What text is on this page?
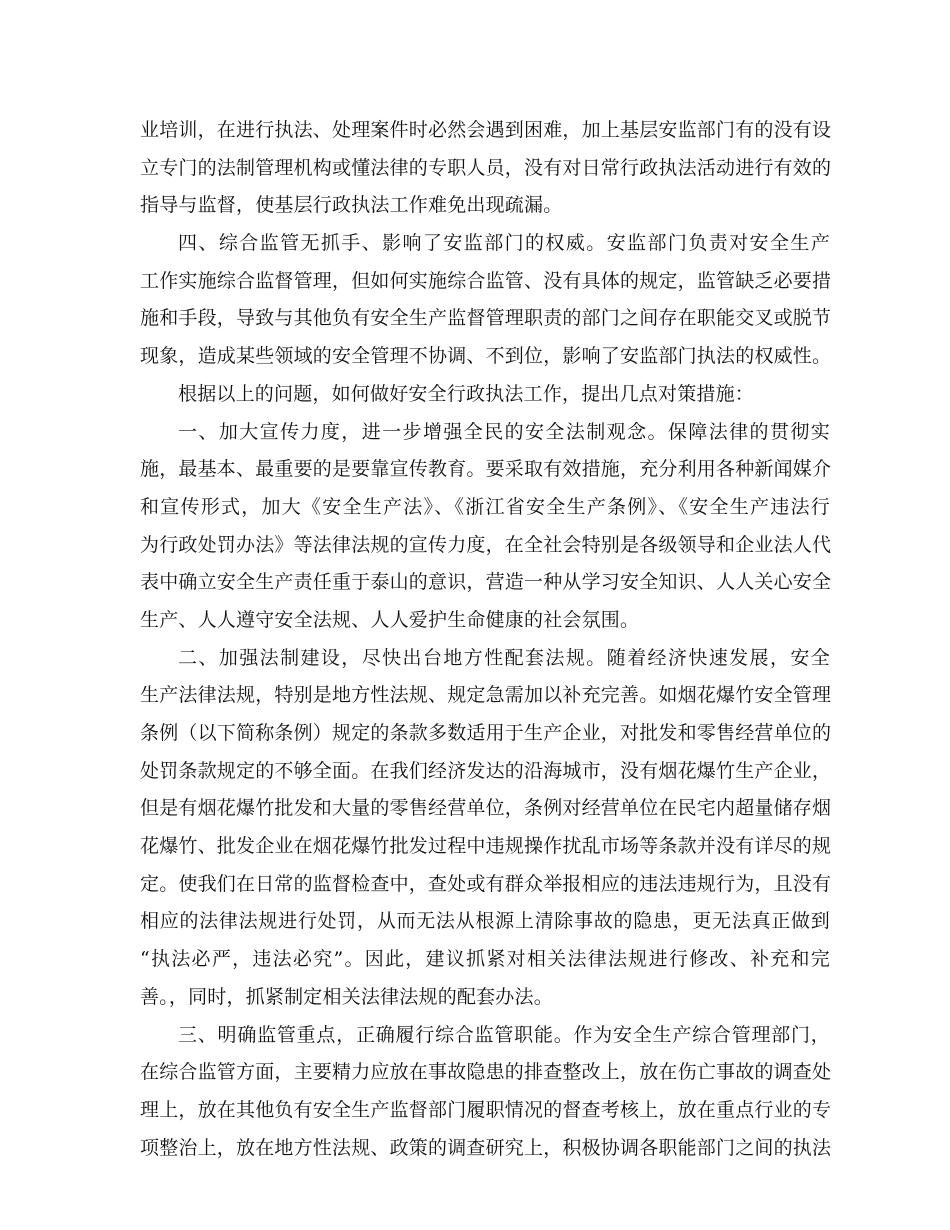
业培训，在进行执法、处理案件时必然会遇到困难，加上基层安监部门有的没有设
立专门的法制管理机构或懂法律的专职人员，没有对日常行政执法活动进行有效的
指导与监督，使基层行政执法工作难免出现疏漏。
四、综合监管无抓手、影响了安监部门的权威。安监部门负责对安全生产
工作实施综合监督管理，但如何实施综合监管、没有具体的规定，监管缺乏必要措
施和手段，导致与其他负有安全生产监督管理职责的部门之间存在职能交叉或脱节
现象，造成某些领域的安全管理不协调、不到位，影响了安监部门执法的权威性。
根据以上的问题，如何做好安全行政执法工作，提出几点对策措施：
一、加大宣传力度，进一步增强全民的安全法制观念。保障法律的贯彻实
施，最基本、最重要的是要靠宣传教育。要采取有效措施，充分利用各种新闻媒介
和宣传形式，加大《安全生产法》、《浙江省安全生产条例》、《安全生产违法行
为行政处罚办法》等法律法规的宣传力度，在全社会特别是各级领导和企业法人代
表中确立安全生产责任重于泰山的意识，营造一种从学习安全知识、人人关心安全
生产、人人遵守安全法规、人人爱护生命健康的社会氛围。
二、加强法制建设，尽快出台地方性配套法规。随着经济快速发展，安全
生产法律法规，特别是地方性法规、规定急需加以补充完善。如烟花爆竹安全管理
条例（以下简称条例）规定的条款多数适用于生产企业，对批发和零售经营单位的
处罚条款规定的不够全面。在我们经济发达的沿海城市，没有烟花爆竹生产企业，
但是有烟花爆竹批发和大量的零售经营单位，条例对经营单位在民宅内超量储存烟
花爆竹、批发企业在烟花爆竹批发过程中违规操作扰乱市场等条款并没有详尽的规
定。使我们在日常的监督检查中，查处或有群众举报相应的违法违规行为，且没有
相应的法律法规进行处罚，从而无法从根源上清除事故的隐患，更无法真正做到
“执法必严，违法必究”。因此，建议抓紧对相关法律法规进行修改、补充和完
善。，同时，抓紧制定相关法律法规的配套办法。
三、明确监管重点，正确履行综合监管职能。作为安全生产综合管理部门，
在综合监管方面，主要精力应放在事故隐患的排查整改上，放在伤亡事故的调查处
理上，放在其他负有安全生产监督部门履职情况的督查考核上，放在重点行业的专
项整治上，放在地方性法规、政策的调查研究上，积极协调各职能部门之间的执法
